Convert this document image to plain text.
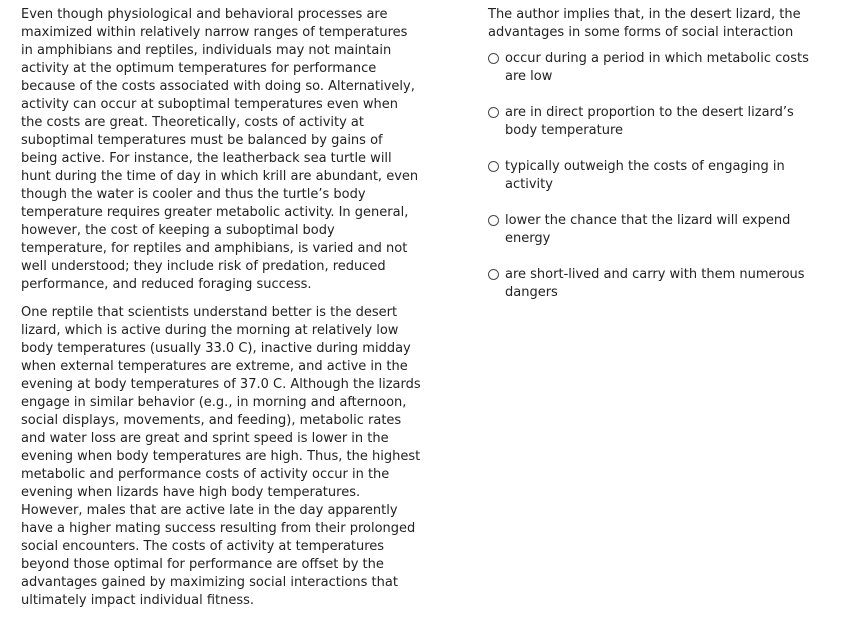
Even though physiological and behavioral processes are maximized within relatively narrow ranges of temperatures in amphibians and reptiles, individuals may not maintain activity at the optimum temperatures for performance because of the costs associated with doing so. Alternatively, activity can occur at suboptimal temperatures even when the costs are great. Theoretically, costs of activity at suboptimal temperatures must be balanced by gains of being active. For instance, the leatherback sea turtle will hunt during the time of day in which krill are abundant, even though the water is cooler and thus the turtle’s body temperature requires greater metabolic activity. In general, however, the cost of keeping a suboptimal body temperature, for reptiles and amphibians, is varied and not well understood; they include risk of predation, reduced performance, and reduced foraging success.

One reptile that scientists understand better is the desert lizard, which is active during the morning at relatively low body temperatures (usually 33.0 C), inactive during midday when external temperatures are extreme, and active in the evening at body temperatures of 37.0 C. Although the lizards engage in similar behavior (e.g., in morning and afternoon, social displays, movements, and feeding), metabolic rates and water loss are great and sprint speed is lower in the evening when body temperatures are high. Thus, the highest metabolic and performance costs of activity occur in the evening when lizards have high body temperatures. However, males that are active late in the day apparently have a higher mating success resulting from their prolonged social encounters. The costs of activity at temperatures beyond those optimal for performance are offset by the advantages gained by maximizing social interactions that ultimately impact individual fitness.

The author implies that, in the desert lizard, the advantages in some forms of social interaction
occur during a period in which metabolic costs are low
are in direct proportion to the desert lizard’s body temperature
typically outweigh the costs of engaging in activity
lower the chance that the lizard will expend energy
are short-lived and carry with them numerous dangers
